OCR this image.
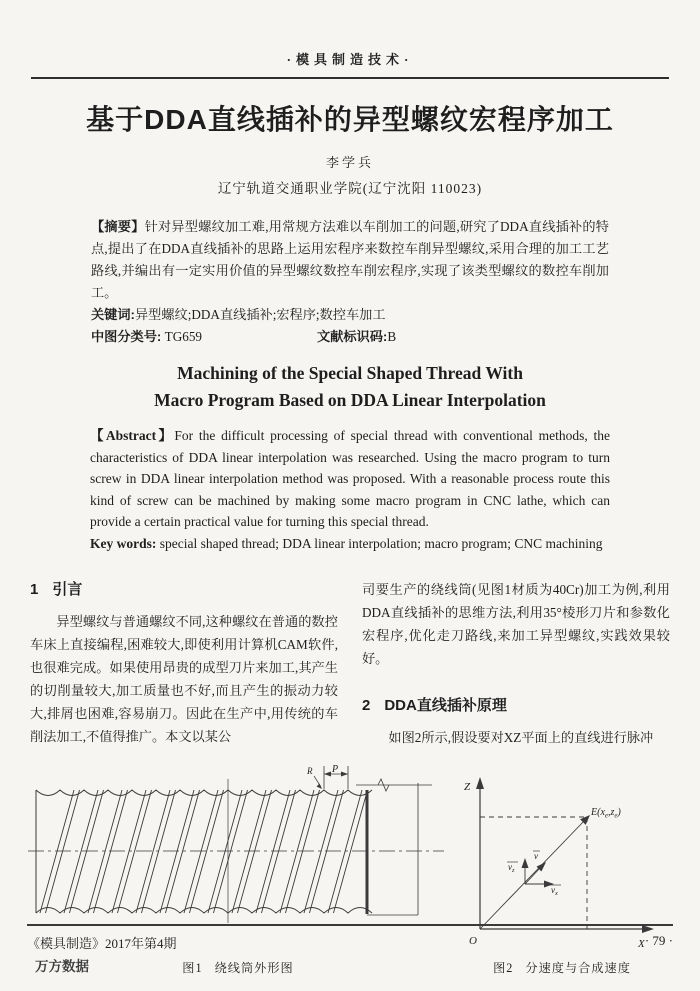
·模具制造技术·
基于DDA直线插补的异型螺纹宏程序加工
李学兵
辽宁轨道交通职业学院(辽宁沈阳 110023)
【摘要】针对异型螺纹加工难,用常规方法难以车削加工的问题,研究了DDA直线插补的特点,提出了在DDA直线插补的思路上运用宏程序来数控车削异型螺纹,采用合理的加工工艺路线,并编出有一定实用价值的异型螺纹数控车削宏程序,实现了该类型螺纹的数控车削加工。
关键词:异型螺纹;DDA直线插补;宏程序;数控车加工
中图分类号: TG659	文献标识码:B
Machining of the Special Shaped Thread With
Macro Program Based on DDA Linear Interpolation
【Abstract】For the difficult processing of special thread with conventional methods, the characteristics of DDA linear interpolation was researched. Using the macro program to turn screw in DDA linear interpolation method was proposed. With a reasonable process route this kind of screw can be machined by making some macro program in CNC lathe, which can provide a certain practical value for turning this special thread.
Key words: special shaped thread; DDA linear interpolation; macro program; CNC machining
1 引言

异型螺纹与普通螺纹不同,这种螺纹在普通的数控车床上直接编程,困难较大,即使利用计算机CAM软件,也很难完成。如果使用昂贵的成型刀片来加工,其产生的切削量较大,加工质量也不好,而且产生的振动力较大,排屑也困难,容易崩刀。因此在生产中,用传统的车削法加工,不值得推广。本文以某公

司要生产的绕线筒(见图1材质为40Cr)加工为例,利用DDA直线插补的思维方法,利用35°棱形刀片和参数化宏程序,优化走刀路线,来加工异型螺纹,实践效果较好。

2 DDA直线插补原理

如图2所示,假设要对XZ平面上的直线进行脉冲

P
R
图1 绕线筒外形图
Z
X
O
$E(x_e,z_e)$
$v_z$
v
$v_x$
图2 分速度与合成速度
《模具制造》2017年第4期	· 79 ·
万方数据
